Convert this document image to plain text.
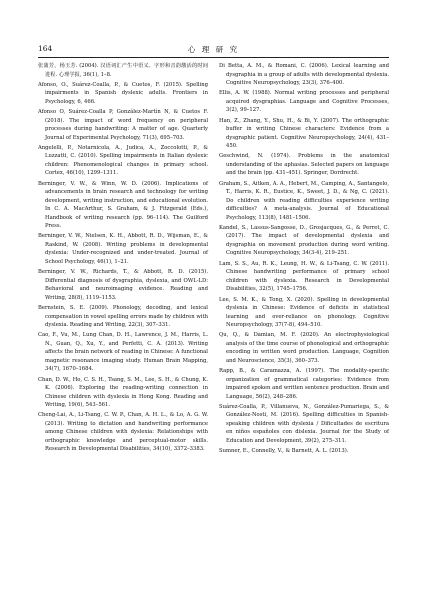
164	心 理 研 究

张蒲芳，杨玉芳. (2004). 汉语词汇产生中语义、字形和音韵激活的时间进程. 心理学报, 36(1), 1–8.

Afonso, O., Suárez-Coalla, P., & Cuetos, F. (2015). Spelling impairments in Spanish dyslexic adults. Frontiers in Psychology, 6, 466.

Afonso O, Suárez-Coalla P, González-Martín N, & Cuetos F. (2018). The impact of word frequency on peripheral processes during handwriting: A matter of age. Quarterly Journal of Experimental Psychology, 71(3), 695–703.

Angelelli, P., Notarnicola, A., Judica, A., Zoccolotti, P., & Luzzatti, C. (2010). Spelling impairments in Italian dyslexic children: Phenomenological changes in primary school. Cortex, 46(10), 1299–1311.

Berninger, V. W., & Winn, W. D. (2006). Implications of advancements in brain research and technology for writing development, writing instruction, and educational evolution. In C. A. MacArthur, S. Graham, & J. Fitzgerald (Eds.), Handbook of writing research (pp. 96–114). The Guilford Press.

Berninger, V. W., Nielsen, K. H., Abbott, R. D., Wijsman, E., & Raskind, W. (2008). Writing problems in developmental dyslexia: Under-recognized and under-treated. Journal of School Psychology, 46(1), 1–21.

Berninger, V. W., Richards, T., & Abbott, R. D. (2015). Differential diagnosis of dysgraphia, dyslexia, and OWL-LD: Behavioral and neuroimaging evidence. Reading and Writing, 28(8), 1119–1153.

Bernstein, S. E. (2009). Phonology, decoding, and lexical compensation in vowel spelling errors made by children with dyslexia. Reading and Writing, 22(3), 307–331.

Cao, F., Vu, M., Lung Chan, D. H., Lawrence, J. M., Harris, L. N., Guan, Q., Xu, Y., and Perfetti, C. A. (2013). Writing affects the brain network of reading in Chinese: A functional magnetic resonance imaging study. Human Brain Mapping, 34(7), 1670–1684.

Chan, D. W., Ho, C. S. H., Tsang, S. M., Lee, S. H., & Chung, K. K. (2006). Exploring the reading-writing connection in Chinese children with dyslexia in Hong Kong. Reading and Writing, 19(6), 543–561.

Cheng-Lai, A., Li-Tsang, C. W. P., Chan, A. H. L., & Lo, A. G. W. (2013). Writing to dictation and handwriting performance among Chinese children with dyslexia: Relationships with orthographic knowledge and perceptual-motor skills. Research in Developmental Disabilities, 34(10), 3372–3383.

Di Betta, A. M., & Romani, C. (2006). Lexical learning and dysgraphia in a group of adults with developmental dyslexia. Cognitive Neuropsychology, 23(3), 376–400.

Ellis, A. W. (1988). Normal writing processes and peripheral acquired dysgraphias. Language and Cognitive Processes, 3(2), 99–127.

Han, Z., Zhang, Y., Shu, H., & Bi, Y. (2007). The orthographic buffer in writing Chinese characters: Evidence from a dysgraphic patient. Cognitive Neuropsychology, 24(4), 431–450.

Geschwind, N. (1974). Problems in the anatomical understanding of the aphasias. Selected papers on language and the brain (pp. 431–451). Springer, Dordrecht.

Graham, S., Aitken, A. A., Hebert, M., Camping, A., Santangelo, T., Harris, K. R., Eustice, K., Sweet, J. D., & Ng, C. (2021). Do children with reading difficulties experience writing difficulties? A meta-analysis. Journal of Educational Psychology, 113(8), 1481–1506.

Kandel, S., Lassus-Sangosse, D., Grosjacques, G., & Perret, C. (2017). The impact of developmental dyslexia and dysgraphia on movement production during word writing. Cognitive Neuropsychology, 34(3-4), 219–251.

Lam, S. S., Au, R. K., Leung, H. W., & Li-Tsang, C. W. (2011). Chinese handwriting performance of primary school children with dyslexia. Research in Developmental Disabilities, 32(5), 1745–1756.

Lee, S. M. K., & Tong, X. (2020). Spelling in developmental dyslexia in Chinese: Evidence of deficits in statistical learning and over-reliance on phonology. Cognitive Neuropsychology, 37(7-8), 494–510.

Qu, Q., & Damian, M. F. (2020). An electrophysiological analysis of the time course of phonological and orthographic encoding in written word production. Language, Cognition and Neuroscience, 35(3), 360–373.

Rapp, B., & Caramazza, A. (1997). The modality-specific organization of grammatical categories: Evidence from impaired spoken and written sentence production. Brain and Language, 56(2), 248–286.

Suárez-Coalla, P., Villanueva, N., González-Pumariega, S., & González-Nosti, M. (2016). Spelling difficulties in Spanish-speaking children with dyslexia / Dificultades de escritura en niños españoles con dislexia. Journal for the Study of Education and Development, 39(2), 275–311.

Sumner, E., Connelly, V., & Barnett, A. L. (2013).
